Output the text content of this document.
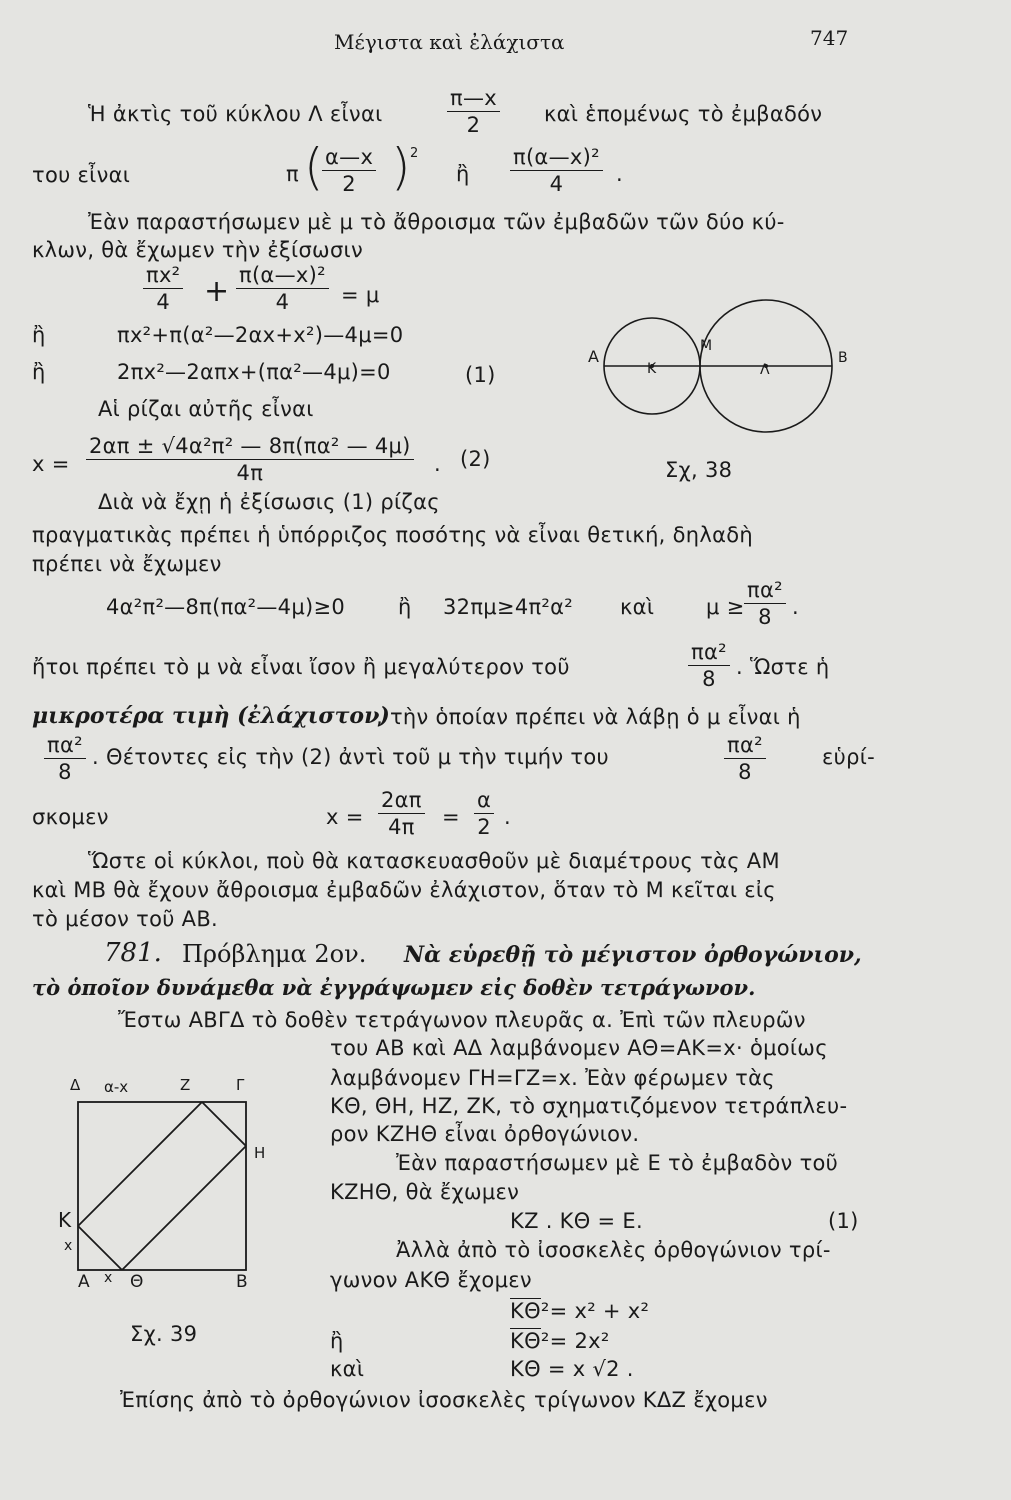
Μέγιστα καὶ ἐλάχιστα	747
Ἡ ἀκτὶς τοῦ κύκλου Λ εἶναι	$\frac{\pi—x}{2}$ καὶ ἑπομένως τὸ ἐμβαδόν
του εἶναι	π (
$\frac{\alpha—x}{2}$ ) 2
ἢ $\frac{\text{π(α—x)²}}{4}$ .
Ἐὰν παραστήσωμεν μὲ μ τὸ ἄθροισμα τῶν ἐμβαδῶν τῶν δύο κύ-
κλων, θὰ ἔχωμεν τὴν ἐξίσωσιν
$\frac{\text{πx²}}{4} + \frac{\text{π(α—x)²}}{4} = \mu$
ἢ	πx²+π(α²—2αx+x²)—4μ=0
ἢ	2πx²—2απx+(πα²—4μ)=0	(1)
Αἱ ρίζαι αὐτῆς εἶναι
$x = \frac{\text{2απ ± √4α²π² — 8π(πα² — 4μ)}}{4\pi}$ . (2)
Α
Κ
Μ
Λ
Β
Σχ, 38
Διὰ νὰ ἔχῃ ἡ ἐξίσωσις (1) ρίζας
πραγματικὰς πρέπει ἡ ὑπόρριζος ποσότης νὰ εἶναι θετική, δηλαδὴ
πρέπει νὰ ἔχωμεν
4α²π²—8π(πα²—4μ)≥0	ἢ 32πμ≥4π²α² καὶ $\mu \ge \frac{\text{πα²}}{8}$ .
ἤτοι πρέπει τὸ μ νὰ εἶναι ἴσον ἢ μεγαλύτερον τοῦ	$\frac{\text{πα²}}{8}$ . Ὥστε ἡ
μικροτέρα τιμὴ (ἐλάχιστον)
, τὴν ὁποίαν πρέπει νὰ λάβῃ ὁ μ εἶναι ἡ
$\frac{\text{πα²}}{8}$ . Θέτοντες εἰς τὴν (2) ἀντὶ τοῦ μ τὴν τιμήν του	$\frac{\text{πα²}}{8}$	εὑρί-
σκομεν	$x = \frac{2\alpha\pi}{4\pi} = \frac{\alpha}{2}$ .
Ὥστε οἱ κύκλοι, ποὺ θὰ κατασκευασθοῦν μὲ διαμέτρους τὰς ΑΜ
καὶ ΜΒ θὰ ἔχουν ἄθροισμα ἐμβαδῶν ἐλάχιστον, ὅταν τὸ Μ κεῖται εἰς
τὸ μέσον τοῦ ΑΒ.
781. Πρόβλημα 2ον. Νὰ εὑρεθῇ τὸ μέγιστον ὀρθογώνιον,
τὸ ὁποῖον δυνάμεθα νὰ ἐγγράψωμεν εἰς δοθὲν τετράγωνον.
Ἔστω ΑΒΓΔ τὸ δοθὲν τετράγωνον πλευρᾶς α. Ἐπὶ τῶν πλευρῶν
του ΑΒ καὶ ΑΔ λαμβάνομεν ΑΘ=ΑΚ=x· ὁμοίως
λαμβάνομεν ΓΗ=ΓΖ=x. Ἐὰν φέρωμεν τὰς
ΚΘ, ΘΗ, ΗΖ, ΖΚ, τὸ σχηματιζόμενον τετράπλευ-
ρον ΚΖΗΘ εἶναι ὀρθογώνιον.
Ἐὰν παραστήσωμεν μὲ Ε τὸ ἐμβαδὸν τοῦ
ΚΖΗΘ, θὰ ἔχωμεν
ΚΖ . ΚΘ = Ε.	(1)
Ἀλλὰ ἀπὸ τὸ ἰσοσκελὲς ὀρθογώνιον τρί-
γωνον ΑΚΘ ἔχομεν
ΚΘ²= x² + x²
ἢ	ΚΘ²= 2x²
καὶ	ΚΘ = x √2 .
Δ α-x	Ζ	Γ
Η
Κ
x
Α x Θ	Β
Σχ. 39
Ἐπίσης ἀπὸ τὸ ὀρθογώνιον ἰσοσκελὲς τρίγωνον ΚΔΖ ἔχομεν
